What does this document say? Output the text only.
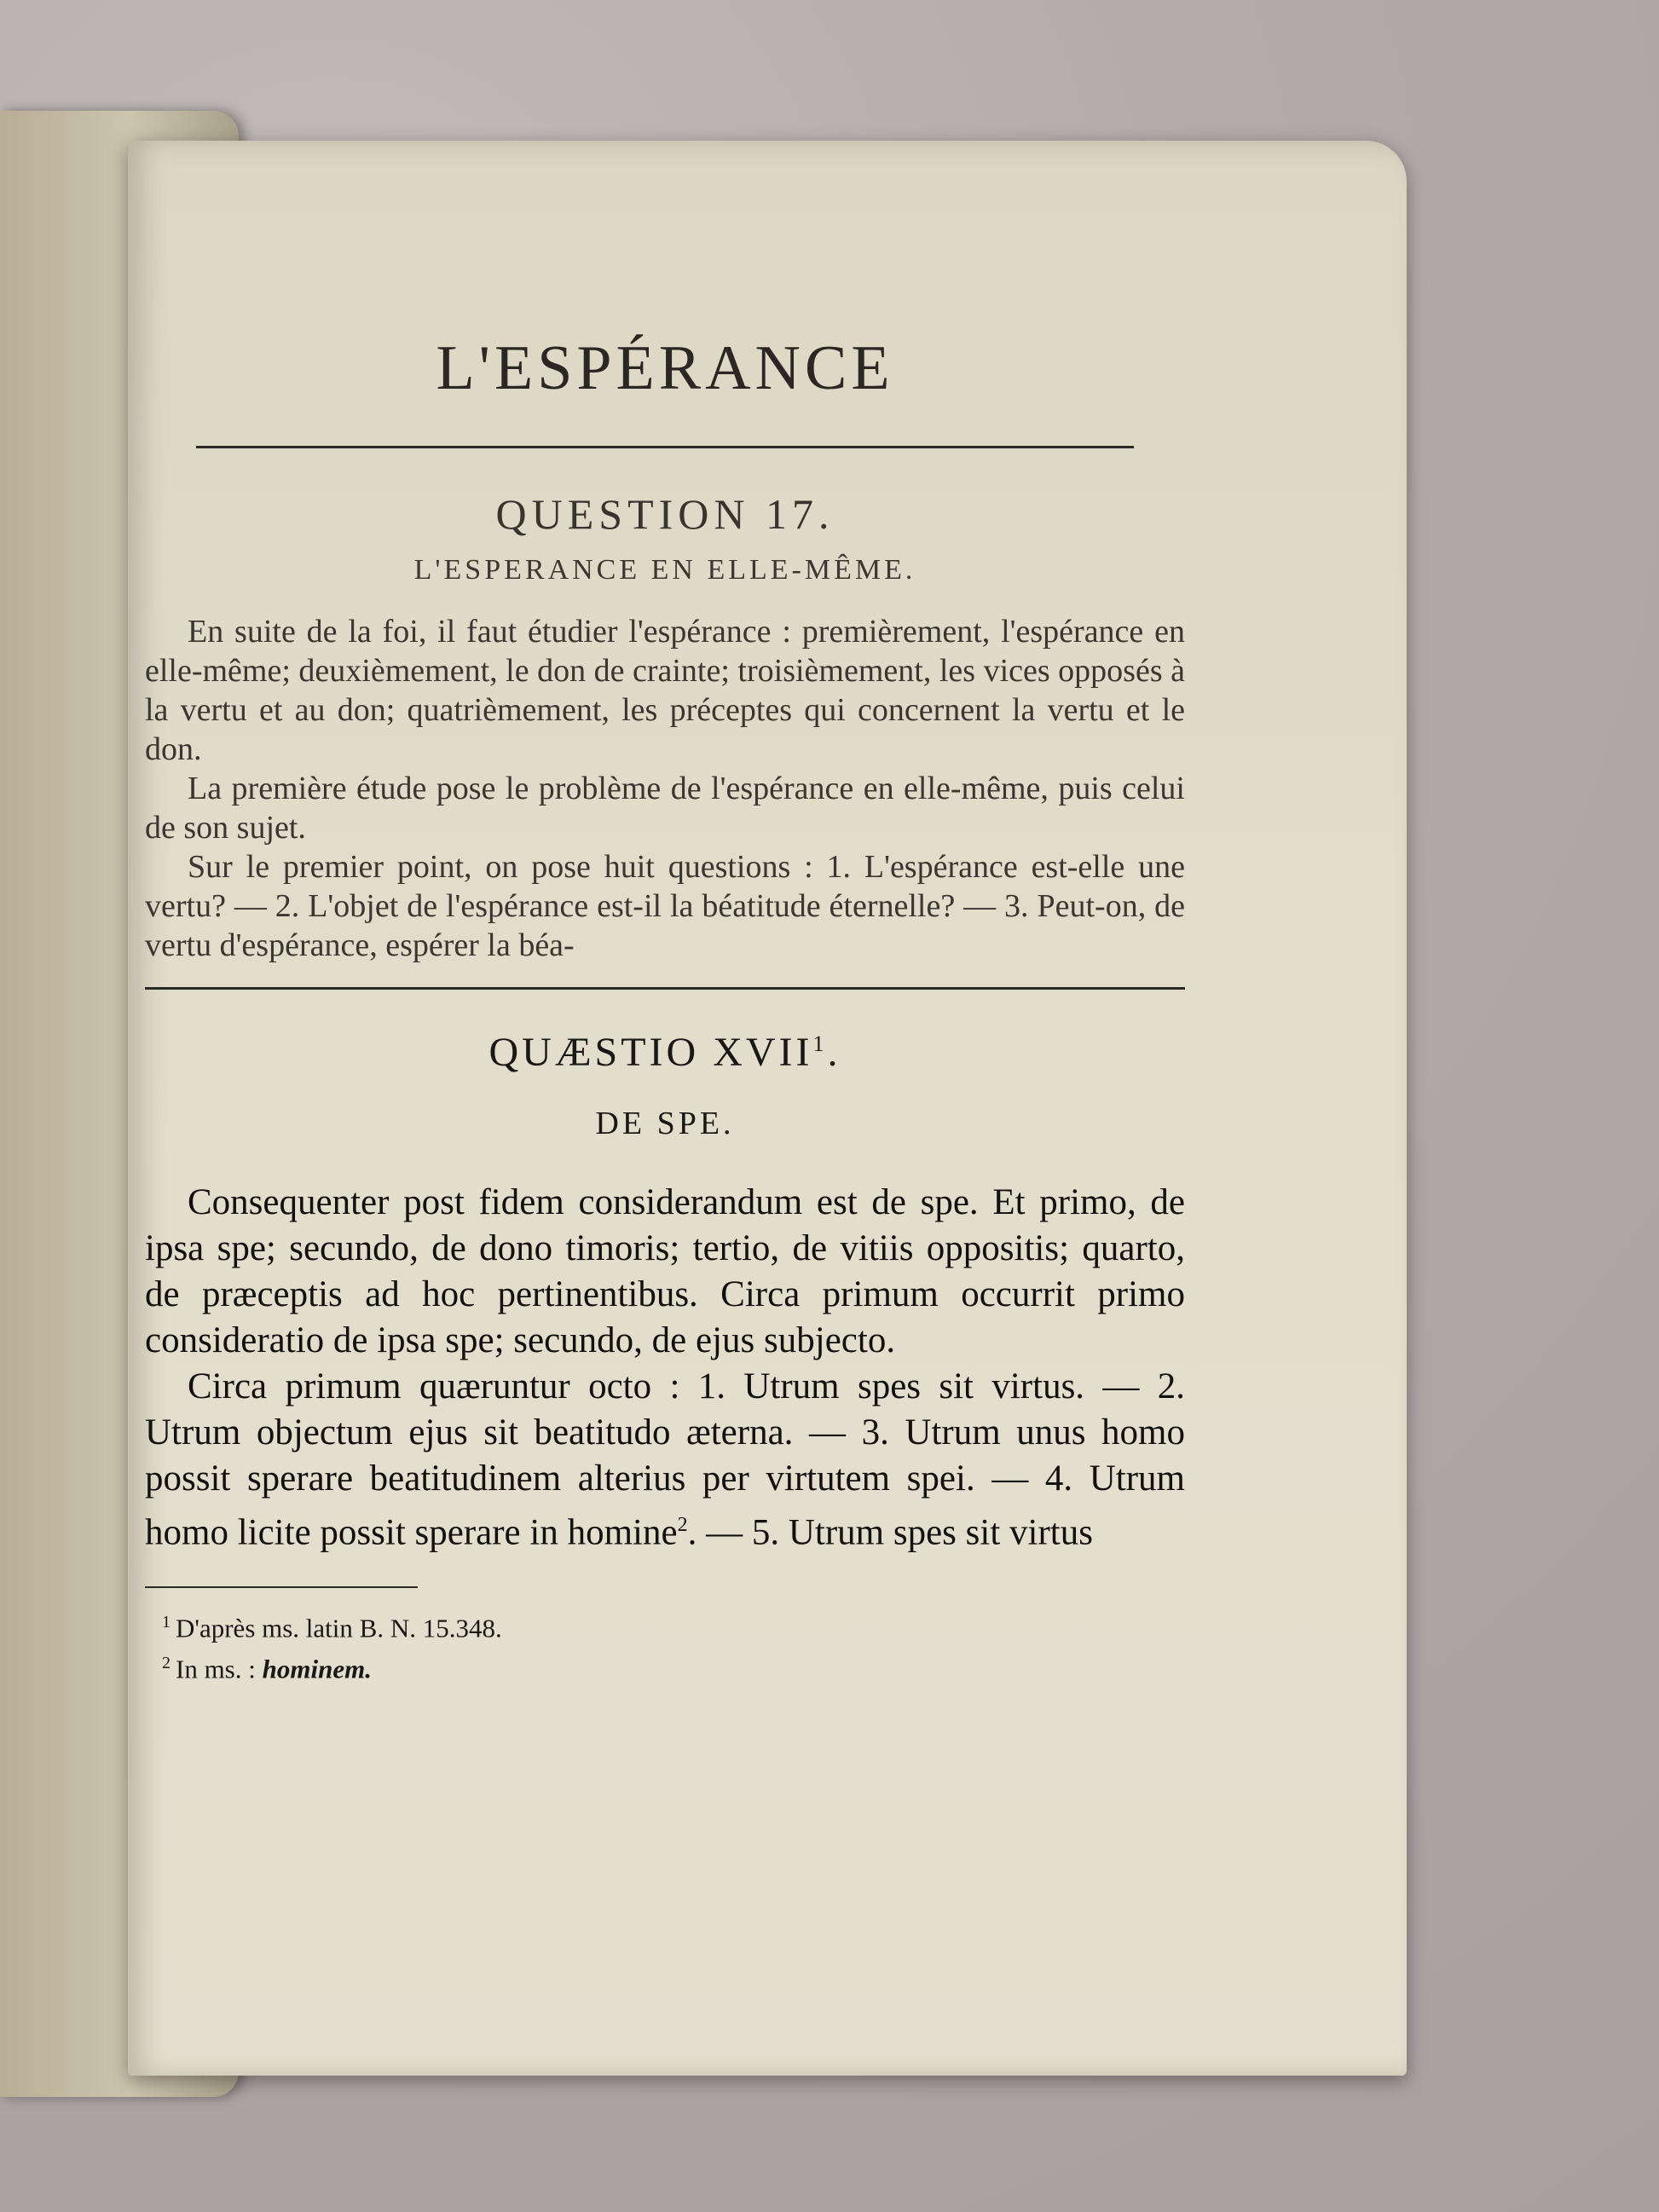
L'ESPÉRANCE
QUESTION 17.
L'ESPERANCE EN ELLE-MÊME.

En suite de la foi, il faut étudier l'espérance : premièrement, l'espérance en elle-même; deuxièmement, le don de crainte; troisièmement, les vices opposés à la vertu et au don; quatrièmement, les préceptes qui concernent la vertu et le don.

La première étude pose le problème de l'espérance en elle-même, puis celui de son sujet.

Sur le premier point, on pose huit questions : 1. L'espérance est-elle une vertu? — 2. L'objet de l'espérance est-il la béatitude éternelle? — 3. Peut-on, de vertu d'espérance, espérer la béa-

QUÆSTIO XVII$^1$.
DE SPE.

Consequenter post fidem considerandum est de spe. Et primo, de ipsa spe; secundo, de dono timoris; tertio, de vitiis oppositis; quarto, de præceptis ad hoc pertinentibus. Circa primum occurrit primo consideratio de ipsa spe; secundo, de ejus subjecto.

Circa primum quæruntur octo : 1. Utrum spes sit virtus. — 2. Utrum objectum ejus sit beatitudo æterna. — 3. Utrum unus homo possit sperare beatitudinem alterius per virtutem spei. — 4. Utrum homo licite possit sperare in homine$^2$. — 5. Utrum spes sit virtus

$^1$ D'après ms. latin B. N. 15.348.
$^2$ In ms. : hominem.
